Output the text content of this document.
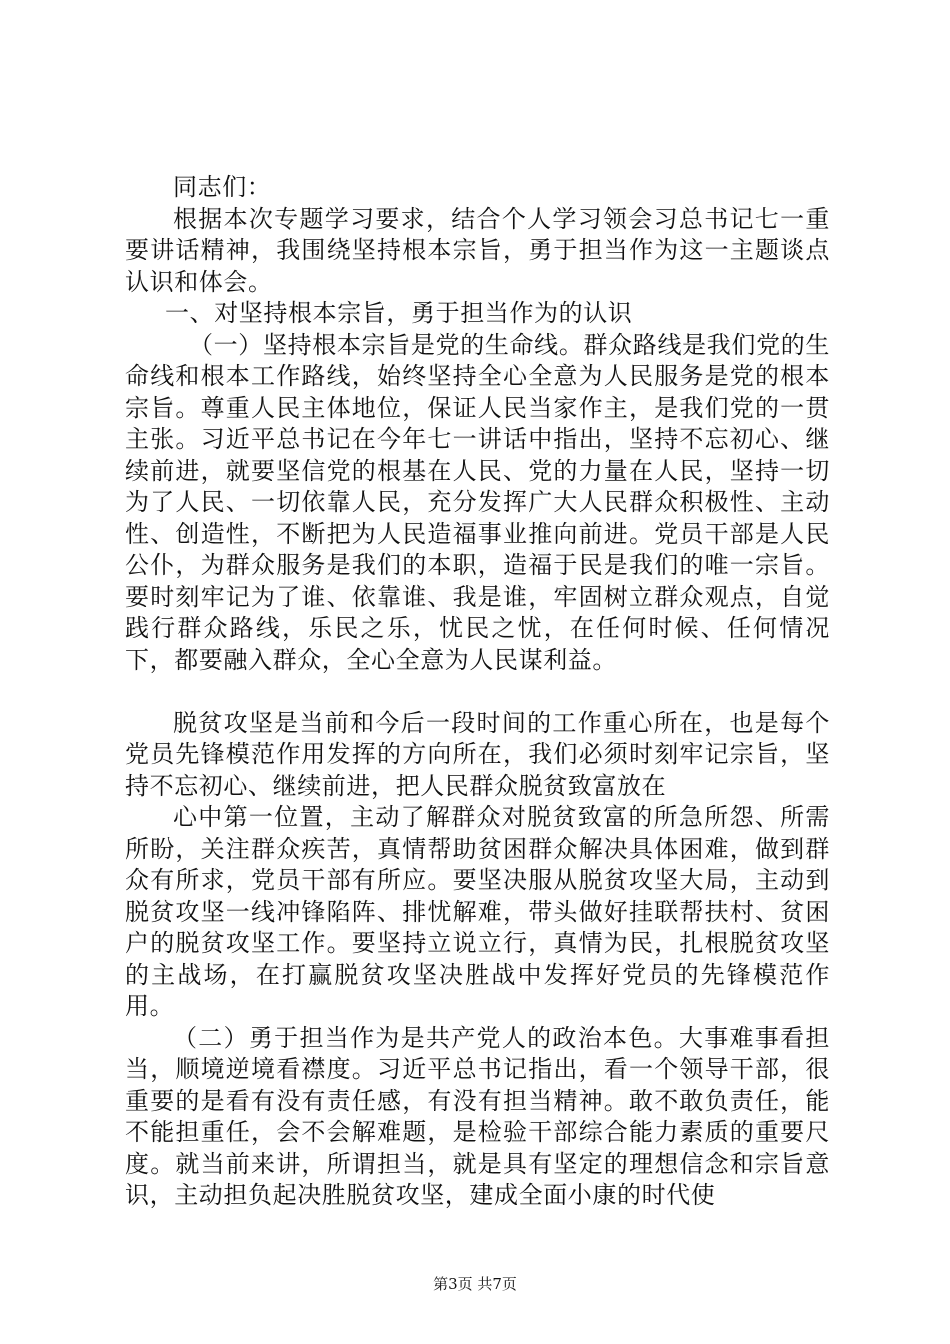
同志们：

根据本次专题学习要求，结合个人学习领会习总书记七一重要讲话精神，我围绕坚持根本宗旨，勇于担当作为这一主题谈点认识和体会。

一、对坚持根本宗旨，勇于担当作为的认识

（一）坚持根本宗旨是党的生命线。群众路线是我们党的生命线和根本工作路线，始终坚持全心全意为人民服务是党的根本宗旨。尊重人民主体地位，保证人民当家作主，是我们党的一贯主张。习近平总书记在今年七一讲话中指出，坚持不忘初心、继续前进，就要坚信党的根基在人民、党的力量在人民，坚持一切为了人民、一切依靠人民，充分发挥广大人民群众积极性、主动性、创造性，不断把为人民造福事业推向前进。党员干部是人民公仆，为群众服务是我们的本职，造福于民是我们的唯一宗旨。要时刻牢记为了谁、依靠谁、我是谁，牢固树立群众观点，自觉践行群众路线，乐民之乐，忧民之忧，在任何时候、任何情况下，都要融入群众，全心全意为人民谋利益。

脱贫攻坚是当前和今后一段时间的工作重心所在，也是每个党员先锋模范作用发挥的方向所在，我们必须时刻牢记宗旨，坚持不忘初心、继续前进，把人民群众脱贫致富放在

心中第一位置，主动了解群众对脱贫致富的所急所怨、所需所盼，关注群众疾苦，真情帮助贫困群众解决具体困难，做到群众有所求，党员干部有所应。要坚决服从脱贫攻坚大局，主动到脱贫攻坚一线冲锋陷阵、排忧解难，带头做好挂联帮扶村、贫困户的脱贫攻坚工作。要坚持立说立行，真情为民，扎根脱贫攻坚的主战场，在打赢脱贫攻坚决胜战中发挥好党员的先锋模范作用。

（二）勇于担当作为是共产党人的政治本色。大事难事看担当，顺境逆境看襟度。习近平总书记指出，看一个领导干部，很重要的是看有没有责任感，有没有担当精神。敢不敢负责任，能不能担重任，会不会解难题，是检验干部综合能力素质的重要尺度。就当前来讲，所谓担当，就是具有坚定的理想信念和宗旨意识，主动担负起决胜脱贫攻坚，建成全面小康的时代使

第3页 共7页
